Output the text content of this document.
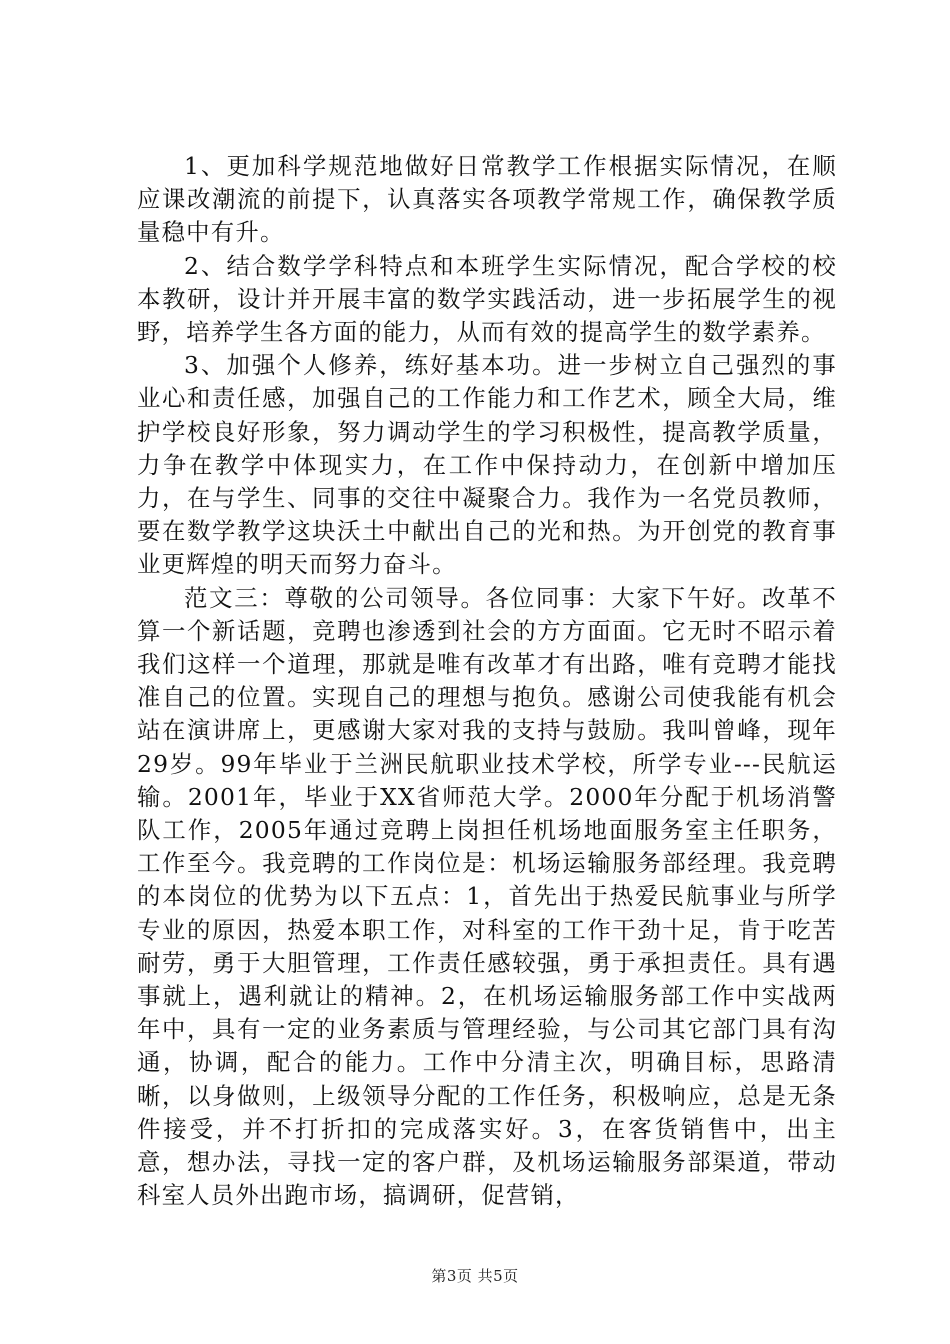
1、更加科学规范地做好日常教学工作根据实际情况，在顺应课改潮流的前提下，认真落实各项教学常规工作，确保教学质量稳中有升。

2、结合数学学科特点和本班学生实际情况，配合学校的校本教研，设计并开展丰富的数学实践活动，进一步拓展学生的视野，培养学生各方面的能力，从而有效的提高学生的数学素养。

3、加强个人修养，练好基本功。进一步树立自己强烈的事业心和责任感，加强自己的工作能力和工作艺术，顾全大局，维护学校良好形象，努力调动学生的学习积极性，提高教学质量，力争在教学中体现实力，在工作中保持动力，在创新中增加压力，在与学生、同事的交往中凝聚合力。我作为一名党员教师，要在数学教学这块沃土中献出自己的光和热。为开创党的教育事业更辉煌的明天而努力奋斗。

范文三：尊敬的公司领导。各位同事：大家下午好。改革不算一个新话题，竞聘也渗透到社会的方方面面。它无时不昭示着我们这样一个道理，那就是唯有改革才有出路，唯有竞聘才能找准自己的位置。实现自己的理想与抱负。感谢公司使我能有机会站在演讲席上，更感谢大家对我的支持与鼓励。我叫曾峰，现年29岁。99年毕业于兰洲民航职业技术学校，所学专业---民航运输。2001年，毕业于XX省师范大学。2000年分配于机场消警队工作，2005年通过竞聘上岗担任机场地面服务室主任职务，工作至今。我竞聘的工作岗位是：机场运输服务部经理。我竞聘的本岗位的优势为以下五点：1，首先出于热爱民航事业与所学专业的原因，热爱本职工作，对科室的工作干劲十足，肯于吃苦耐劳，勇于大胆管理，工作责任感较强，勇于承担责任。具有遇事就上，遇利就让的精神。2，在机场运输服务部工作中实战两年中，具有一定的业务素质与管理经验，与公司其它部门具有沟通，协调，配合的能力。工作中分清主次，明确目标，思路清晰，以身做则，上级领导分配的工作任务，积极响应，总是无条件接受，并不打折扣的完成落实好。3，在客货销售中，出主意，想办法，寻找一定的客户群，及机场运输服务部渠道，带动科室人员外出跑市场，搞调研，促营销，

第3页 共5页
